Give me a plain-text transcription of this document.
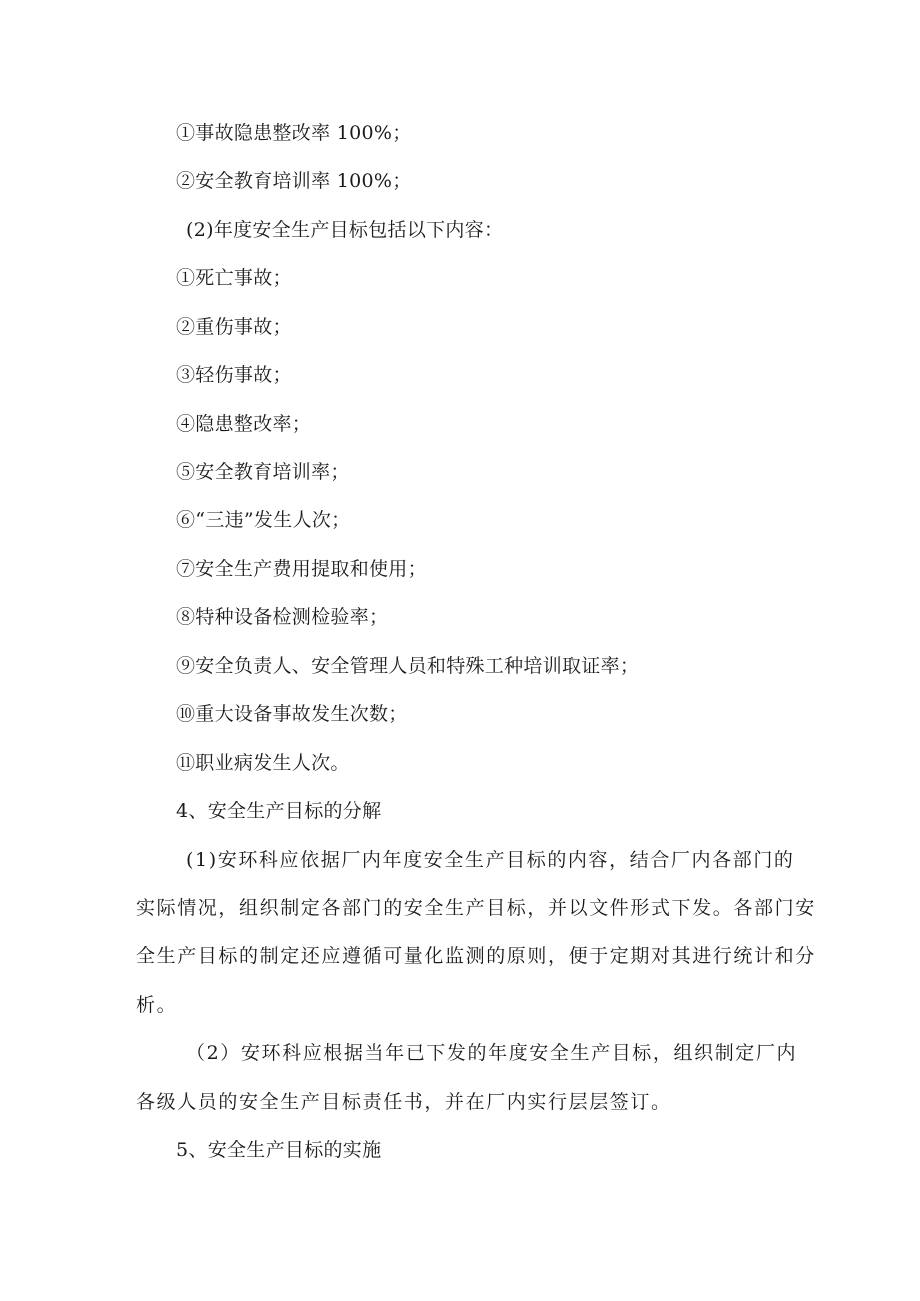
①事故隐患整改率 100%；
②安全教育培训率 100%；
(2)年度安全生产目标包括以下内容：
①死亡事故；
②重伤事故；
③轻伤事故；
④隐患整改率；
⑤安全教育培训率；
⑥“三违”发生人次；
⑦安全生产费用提取和使用；
⑧特种设备检测检验率；
⑨安全负责人、安全管理人员和特殊工种培训取证率；
⑩重大设备事故发生次数；
⑪职业病发生人次。
4、安全生产目标的分解
(1)安环科应依据厂内年度安全生产目标的内容，结合厂内各部门的
实际情况，组织制定各部门的安全生产目标，并以文件形式下发。各部门安
全生产目标的制定还应遵循可量化监测的原则，便于定期对其进行统计和分
析。
（2）安环科应根据当年已下发的年度安全生产目标，组织制定厂内
各级人员的安全生产目标责任书，并在厂内实行层层签订。
5、安全生产目标的实施
